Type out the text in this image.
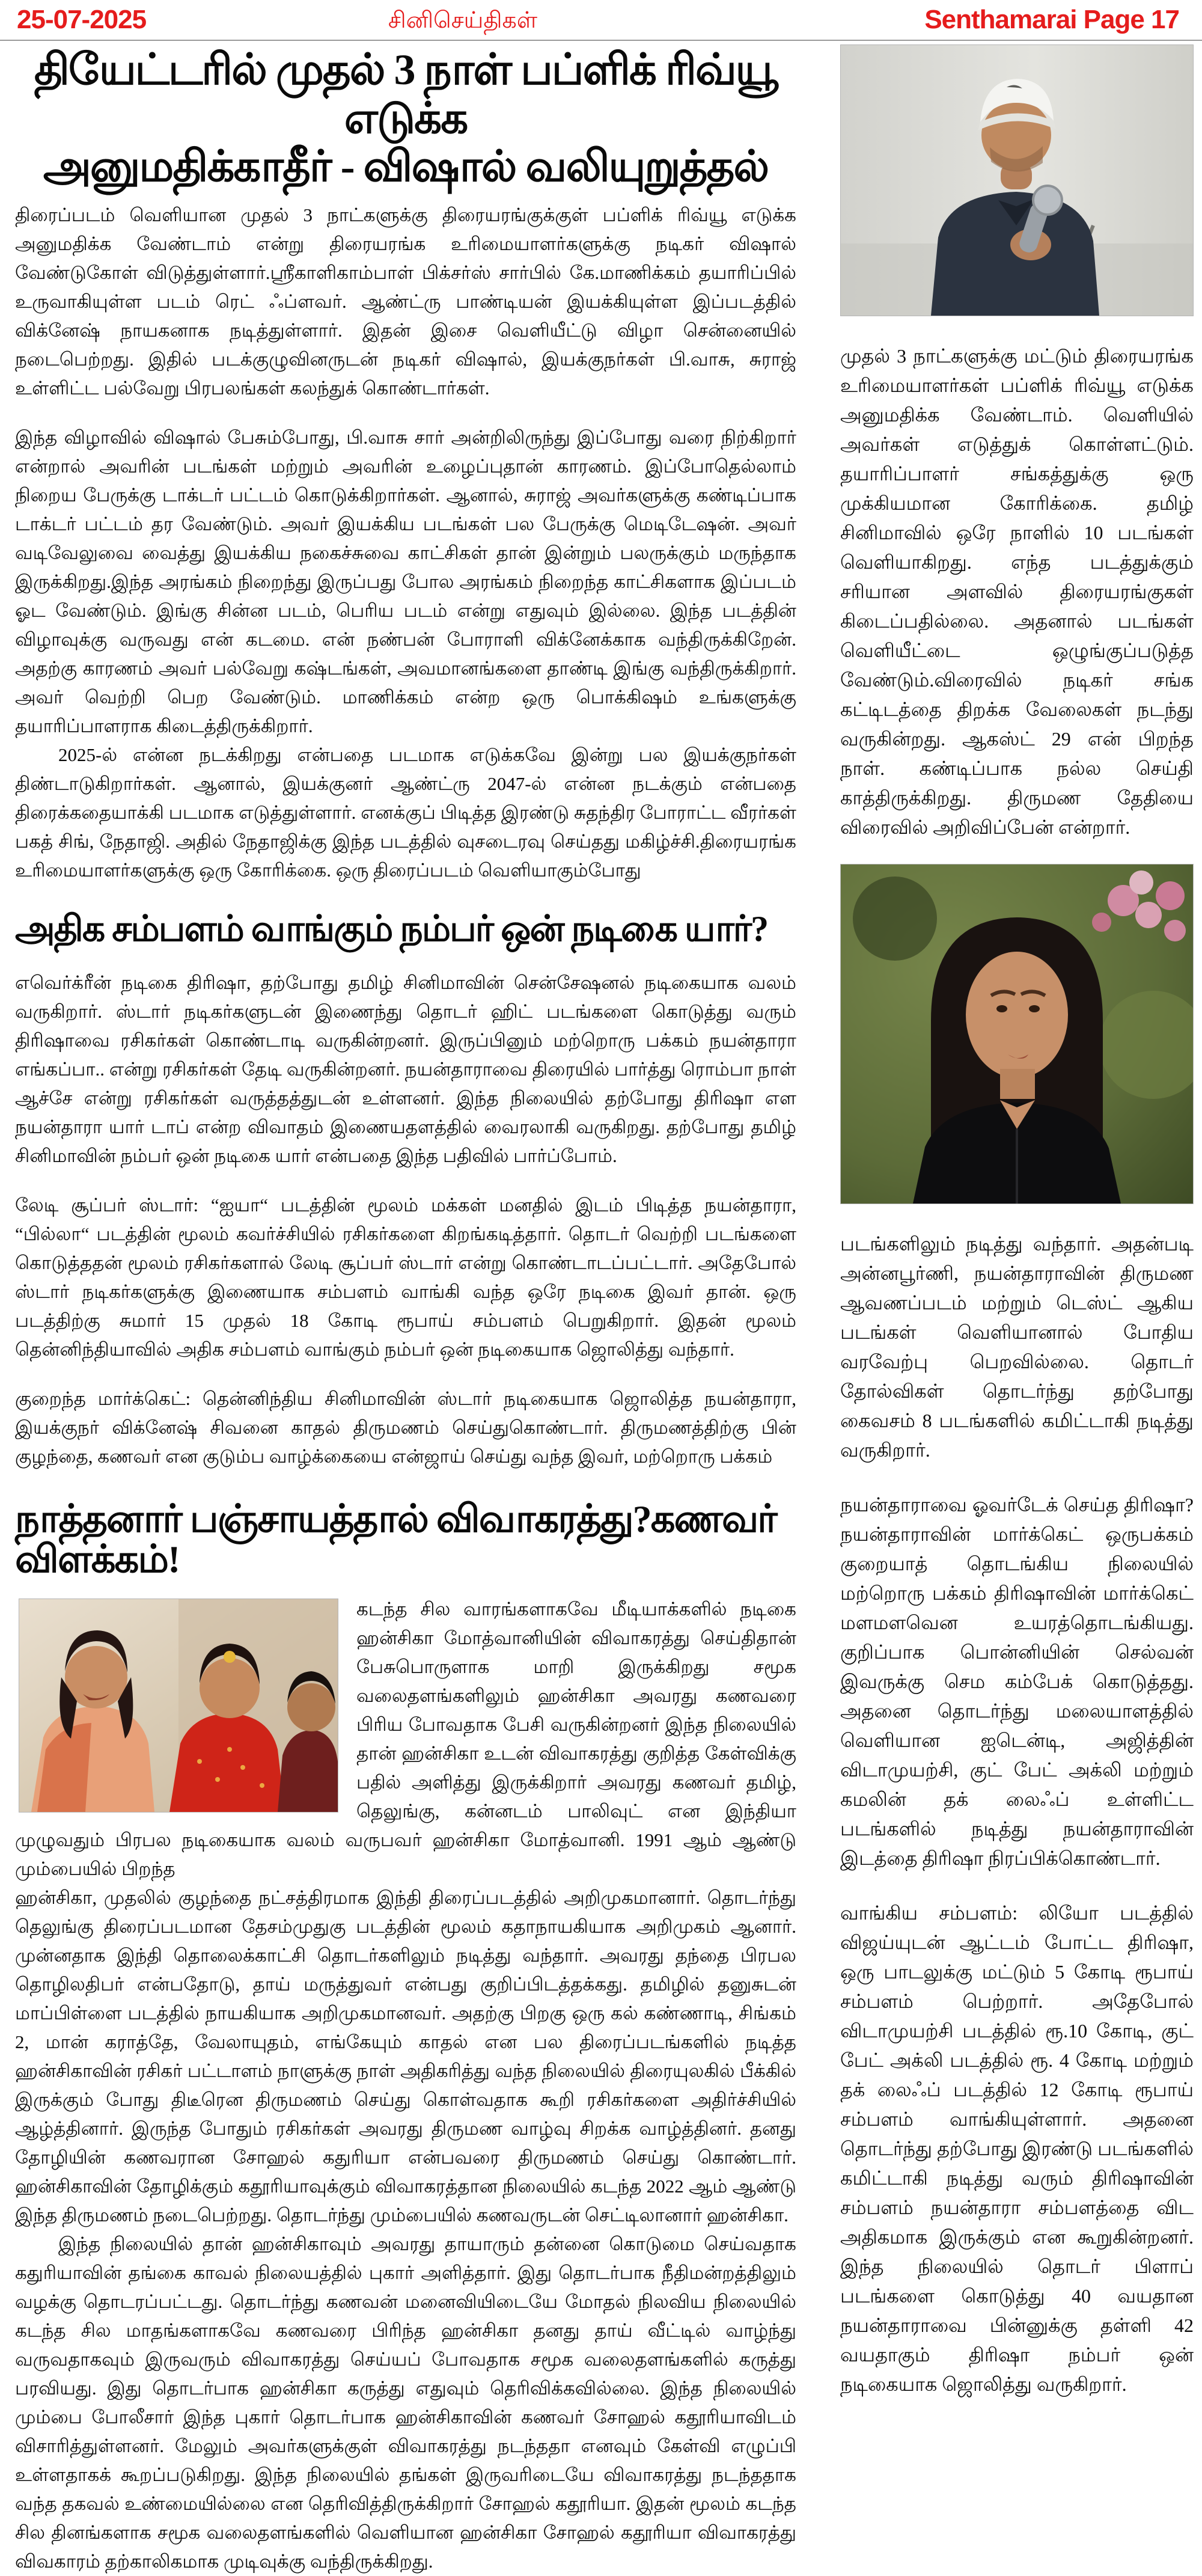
25-07-2025	சினிசெய்திகள்	Senthamarai Page 17
தியேட்டரில் முதல் 3 நாள் பப்ளிக் ரிவ்யூ எடுக்க
அனுமதிக்காதீர் - விஷால் வலியுறுத்தல்

திரைப்படம் வெளியான முதல் 3 நாட்களுக்கு திரையரங்குக்குள் பப்ளிக் ரிவ்யூ எடுக்க அனுமதிக்க வேண்டாம் என்று திரையரங்க உரிமையாளர்களுக்கு நடிகர் விஷால் வேண்டுகோள் விடுத்துள்ளார்.ஸ்ரீகாளிகாம்பாள் பிக்சர்ஸ் சார்பில் கே.மாணிக்கம் தயாரிப்பில் உருவாகியுள்ள படம் ரெட் ஃப்ளவர். ஆண்ட்ரு பாண்டியன் இயக்கியுள்ள இப்படத்தில் விக்னேஷ் நாயகனாக நடித்துள்ளார். இதன் இசை வெளியீட்டு விழா சென்னையில் நடைபெற்றது. இதில் படக்குழுவினருடன் நடிகர் விஷால், இயக்குநர்கள் பி.வாசு, சுராஜ் உள்ளிட்ட பல்வேறு பிரபலங்கள் கலந்துக் கொண்டார்கள்.

இந்த விழாவில் விஷால் பேசும்போது, பி.வாசு சார் அன்றிலிருந்து இப்போது வரை நிற்கிறார் என்றால் அவரின் படங்கள் மற்றும் அவரின் உழைப்புதான் காரணம். இப்போதெல்லாம் நிறைய பேருக்கு டாக்டர் பட்டம் கொடுக்கிறார்கள். ஆனால், சுராஜ் அவர்களுக்கு கண்டிப்பாக டாக்டர் பட்டம் தர வேண்டும். அவர் இயக்கிய படங்கள் பல பேருக்கு மெடிடேஷன். அவர் வடிவேலுவை வைத்து இயக்கிய நகைச்சுவை காட்சிகள் தான் இன்றும் பலருக்கும் மருந்தாக இருக்கிறது.இந்த அரங்கம் நிறைந்து இருப்பது போல அரங்கம் நிறைந்த காட்சிகளாக இப்படம் ஓட வேண்டும். இங்கு சின்ன படம், பெரிய படம் என்று எதுவும் இல்லை. இந்த படத்தின் விழாவுக்கு வருவது என் கடமை. என் நண்பன் போராளி விக்னேக்காக வந்திருக்கிறேன். அதற்கு காரணம் அவர் பல்வேறு கஷ்டங்கள், அவமானங்களை தாண்டி இங்கு வந்திருக்கிறார். அவர் வெற்றி பெற வேண்டும். மாணிக்கம் என்ற ஒரு பொக்கிஷம் உங்களுக்கு தயாரிப்பாளராக கிடைத்திருக்கிறார்.

2025-ல் என்ன நடக்கிறது என்பதை படமாக எடுக்கவே இன்று பல இயக்குநர்கள் திண்டாடுகிறார்கள். ஆனால், இயக்குனர் ஆண்ட்ரு 2047-ல் என்ன நடக்கும் என்பதை திரைக்கதையாக்கி படமாக எடுத்துள்ளார். எனக்குப் பிடித்த இரண்டு சுதந்திர போராட்ட வீரர்கள் பகத் சிங், நேதாஜி. அதில் நேதாஜிக்கு இந்த படத்தில் வுசடைரவு செய்தது மகிழ்ச்சி.திரையரங்க உரிமையாளர்களுக்கு ஒரு கோரிக்கை. ஒரு திரைப்படம் வெளியாகும்போது

அதிக சம்பளம் வாங்கும் நம்பர் ஒன் நடிகை யார்?

எவெர்க்ரீன் நடிகை திரிஷா, தற்போது தமிழ் சினிமாவின் சென்சேஷனல் நடிகையாக வலம் வருகிறார். ஸ்டார் நடிகர்களுடன் இணைந்து தொடர் ஹிட் படங்களை கொடுத்து வரும் திரிஷாவை ரசிகர்கள் கொண்டாடி வருகின்றனர். இருப்பினும் மற்றொரு பக்கம் நயன்தாரா எங்கப்பா.. என்று ரசிகர்கள் தேடி வருகின்றனர். நயன்தாராவை திரையில் பார்த்து ரொம்பா நாள் ஆச்சே என்று ரசிகர்கள் வருத்தத்துடன் உள்ளனர். இந்த நிலையில் தற்போது திரிஷா எள நயன்தாரா யார் டாப் என்ற விவாதம் இணையதளத்தில் வைரலாகி வருகிறது. தற்போது தமிழ் சினிமாவின் நம்பர் ஒன் நடிகை யார் என்பதை இந்த பதிவில் பார்ப்போம்.

லேடி சூப்பர் ஸ்டார்: “ஐயா“ படத்தின் மூலம் மக்கள் மனதில் இடம் பிடித்த நயன்தாரா, “பில்லா“ படத்தின் மூலம் கவர்ச்சியில் ரசிகர்களை கிறங்கடித்தார். தொடர் வெற்றி படங்களை கொடுத்ததன் மூலம் ரசிகர்களால் லேடி சூப்பர் ஸ்டார் என்று கொண்டாடப்பட்டார். அதேபோல் ஸ்டார் நடிகர்களுக்கு இணையாக சம்பளம் வாங்கி வந்த ஒரே நடிகை இவர் தான். ஒரு படத்திற்கு சுமார் 15 முதல் 18 கோடி ரூபாய் சம்பளம் பெறுகிறார். இதன் மூலம் தென்னிந்தியாவில் அதிக சம்பளம் வாங்கும் நம்பர் ஒன் நடிகையாக ஜொலித்து வந்தார்.

குறைந்த மார்க்கெட்: தென்னிந்திய சினிமாவின் ஸ்டார் நடிகையாக ஜொலித்த நயன்தாரா, இயக்குநர் விக்னேஷ் சிவனை காதல் திருமணம் செய்துகொண்டார். திருமணத்திற்கு பின் குழந்தை, கணவர் என குடும்ப வாழ்க்கையை என்ஜாய் செய்து வந்த இவர், மற்றொரு பக்கம்

நாத்தனார் பஞ்சாயத்தால் விவாகரத்து?கணவர் விளக்கம்!

கடந்த சில வாரங்களாகவே மீடியாக்களில் நடிகை ஹன்சிகா மோத்வானியின் விவாகரத்து செய்திதான் பேசுபொருளாக மாறி இருக்கிறது சமூக வலைதளங்களிலும் ஹன்சிகா அவரது கணவரை பிரிய போவதாக பேசி வருகின்றனர் இந்த நிலையில் தான் ஹன்சிகா உடன் விவாகரத்து குறித்த கேள்விக்கு பதில் அளித்து இருக்கிறார் அவரது கணவர் தமிழ், தெலுங்கு, கன்னடம் பாலிவுட் என இந்தியா முழுவதும் பிரபல நடிகையாக வலம் வருபவர் ஹன்சிகா மோத்வானி. 1991 ஆம் ஆண்டு மும்பையில் பிறந்த

ஹன்சிகா, முதலில் குழந்தை நட்சத்திரமாக இந்தி திரைப்படத்தில் அறிமுகமானார். தொடர்ந்து தெலுங்கு திரைப்படமான தேசம்முதுகு படத்தின் மூலம் கதாநாயகியாக அறிமுகம் ஆனார். முன்னதாக இந்தி தொலைக்காட்சி தொடர்களிலும் நடித்து வந்தார். அவரது தந்தை பிரபல தொழிலதிபர் என்பதோடு, தாய் மருத்துவர் என்பது குறிப்பிடத்தக்கது. தமிழில் தனுசுடன் மாப்பிள்ளை படத்தில் நாயகியாக அறிமுகமானவர். அதற்கு பிறகு ஒரு கல் கண்ணாடி, சிங்கம் 2, மான் கராத்தே, வேலாயுதம், எங்கேயும் காதல் என பல திரைப்படங்களில் நடித்த ஹன்சிகாவின் ரசிகர் பட்டாளம் நாளுக்கு நாள் அதிகரித்து வந்த நிலையில் திரையுலகில் பீக்கில் இருக்கும் போது திடீரென திருமணம் செய்து கொள்வதாக கூறி ரசிகர்களை அதிர்ச்சியில் ஆழ்த்தினார். இருந்த போதும் ரசிகர்கள் அவரது திருமண வாழ்வு சிறக்க வாழ்த்தினர். தனது தோழியின் கணவரான சோஹல் கதுரியா என்பவரை திருமணம் செய்து கொண்டார். ஹன்சிகாவின் தோழிக்கும் கதூரியாவுக்கும் விவாகரத்தான நிலையில் கடந்த 2022 ஆம் ஆண்டு இந்த திருமணம் நடைபெற்றது. தொடர்ந்து மும்பையில் கணவருடன் செட்டிலானார் ஹன்சிகா.

இந்த நிலையில் தான் ஹன்சிகாவும் அவரது தாயாரும் தன்னை கொடுமை செய்வதாக கதுரியாவின் தங்கை காவல் நிலையத்தில் புகார் அளித்தார். இது தொடர்பாக நீதிமன்றத்திலும் வழக்கு தொடரப்பட்டது. தொடர்ந்து கணவன் மனைவியிடையே மோதல் நிலவிய நிலையில் கடந்த சில மாதங்களாகவே கணவரை பிரிந்த ஹன்சிகா தனது தாய் வீட்டில் வாழ்ந்து வருவதாகவும் இருவரும் விவாகரத்து செய்யப் போவதாக சமூக வலைதளங்களில் கருத்து பரவியது. இது தொடர்பாக ஹன்சிகா கருத்து எதுவும் தெரிவிக்கவில்லை. இந்த நிலையில் மும்பை போலீசார் இந்த புகார் தொடர்பாக ஹன்சிகாவின் கணவர் சோஹல் கதூரியாவிடம் விசாரித்துள்ளனர். மேலும் அவர்களுக்குள் விவாகரத்து நடந்ததா எனவும் கேள்வி எழுப்பி உள்ளதாகக் கூறப்படுகிறது. இந்த நிலையில் தங்கள் இருவரிடையே விவாகரத்து நடந்ததாக வந்த தகவல் உண்மையில்லை என தெரிவித்திருக்கிறார் சோஹல் கதூரியா. இதன் மூலம் கடந்த சில தினங்களாக சமூக வலைதளங்களில் வெளியான ஹன்சிகா சோஹல் கதூரியா விவாகரத்து விவகாரம் தற்காலிகமாக முடிவுக்கு வந்திருக்கிறது.

முதல் 3 நாட்களுக்கு மட்டும் திரையரங்க உரிமையாளர்கள் பப்ளிக் ரிவ்யூ எடுக்க அனுமதிக்க வேண்டாம். வெளியில் அவர்கள் எடுத்துக் கொள்ளட்டும். தயாரிப்பாளர் சங்கத்துக்கு ஒரு முக்கியமான கோரிக்கை. தமிழ் சினிமாவில் ஒரே நாளில் 10 படங்கள் வெளியாகிறது. எந்த படத்துக்கும் சரியான அளவில் திரையரங்குகள் கிடைப்பதில்லை. அதனால் படங்கள் வெளியீட்டை ஒழுங்குப்படுத்த வேண்டும்.விரைவில் நடிகர் சங்க கட்டிடத்தை திறக்க வேலைகள் நடந்து வருகின்றது. ஆகஸ்ட் 29 என் பிறந்த நாள். கண்டிப்பாக நல்ல செய்தி காத்திருக்கிறது. திருமண தேதியை விரைவில் அறிவிப்பேன் என்றார்.

படங்களிலும் நடித்து வந்தார். அதன்படி அன்னபூர்ணி, நயன்தாராவின் திருமண ஆவணப்படம் மற்றும் டெஸ்ட் ஆகிய படங்கள் வெளியானால் போதிய வரவேற்பு பெறவில்லை. தொடர் தோல்விகள் தொடர்ந்து தற்போது கைவசம் 8 படங்களில் கமிட்டாகி நடித்து வருகிறார்.

நயன்தாராவை ஓவர்டேக் செய்த திரிஷா? நயன்தாராவின் மார்க்கெட் ஒருபக்கம் குறையாத் தொடங்கிய நிலையில் மற்றொரு பக்கம் திரிஷாவின் மார்க்கெட் மளமளவென உயரத்தொடங்கியது. குறிப்பாக பொன்னியின் செல்வன் இவருக்கு செம கம்பேக் கொடுத்தது. அதனை தொடர்ந்து மலையாளத்தில் வெளியான ஐடென்டி, அஜித்தின் விடாமுயற்சி, குட் பேட் அக்லி மற்றும் கமலின் தக் லைஃப் உள்ளிட்ட படங்களில் நடித்து நயன்தாராவின் இடத்தை திரிஷா நிரப்பிக்கொண்டார்.

வாங்கிய சம்பளம்: லியோ படத்தில் விஜய்யுடன் ஆட்டம் போட்ட திரிஷா, ஒரு பாடலுக்கு மட்டும் 5 கோடி ரூபாய் சம்பளம் பெற்றார். அதேபோல் விடாமுயற்சி படத்தில் ரூ.10 கோடி, குட் பேட் அக்லி படத்தில் ரூ. 4 கோடி மற்றும் தக் லைஃப் படத்தில் 12 கோடி ரூபாய் சம்பளம் வாங்கியுள்ளார். அதனை தொடர்ந்து தற்போது இரண்டு படங்களில் கமிட்டாகி நடித்து வரும் திரிஷாவின் சம்பளம் நயன்தாரா சம்பளத்தை விட அதிகமாக இருக்கும் என கூறுகின்றனர். இந்த நிலையில் தொடர் பிளாப் படங்களை கொடுத்து 40 வயதான நயன்தாராவை பின்னுக்கு தள்ளி 42 வயதாகும் திரிஷா நம்பர் ஒன் நடிகையாக ஜொலித்து வருகிறார்.
